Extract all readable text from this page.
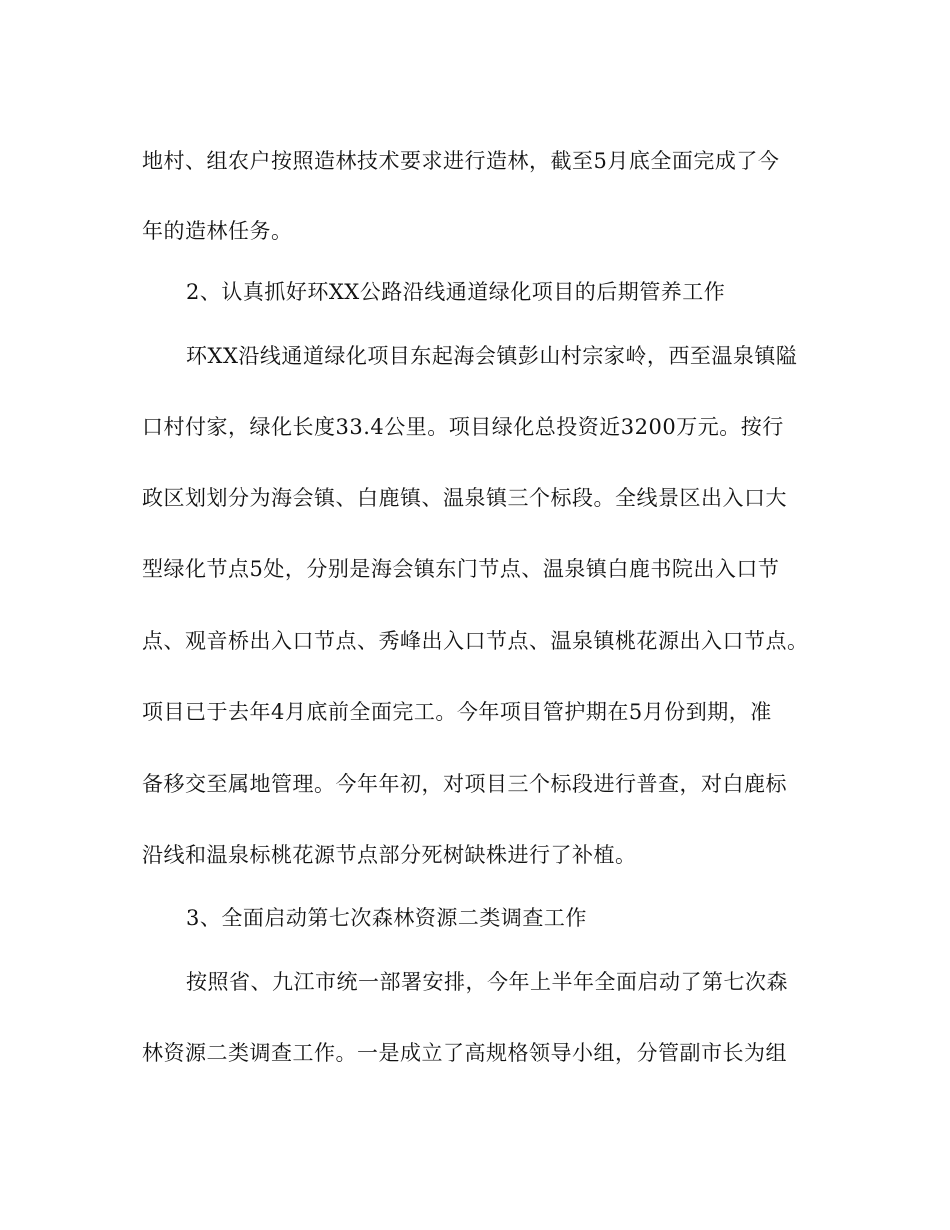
地村、组农户按照造林技术要求进行造林，截至5月底全面完成了今
年的造林任务。
2、认真抓好环XX公路沿线通道绿化项目的后期管养工作
环XX沿线通道绿化项目东起海会镇彭山村宗家岭，西至温泉镇隘
口村付家，绿化长度33.4公里。项目绿化总投资近3200万元。按行
政区划划分为海会镇、白鹿镇、温泉镇三个标段。全线景区出入口大
型绿化节点5处，分别是海会镇东门节点、温泉镇白鹿书院出入口节
点、观音桥出入口节点、秀峰出入口节点、温泉镇桃花源出入口节点。
项目已于去年4月底前全面完工。今年项目管护期在5月份到期，准
备移交至属地管理。今年年初，对项目三个标段进行普查，对白鹿标
沿线和温泉标桃花源节点部分死树缺株进行了补植。
3、全面启动第七次森林资源二类调查工作
按照省、九江市统一部署安排，今年上半年全面启动了第七次森
林资源二类调查工作。一是成立了高规格领导小组，分管副市长为组
